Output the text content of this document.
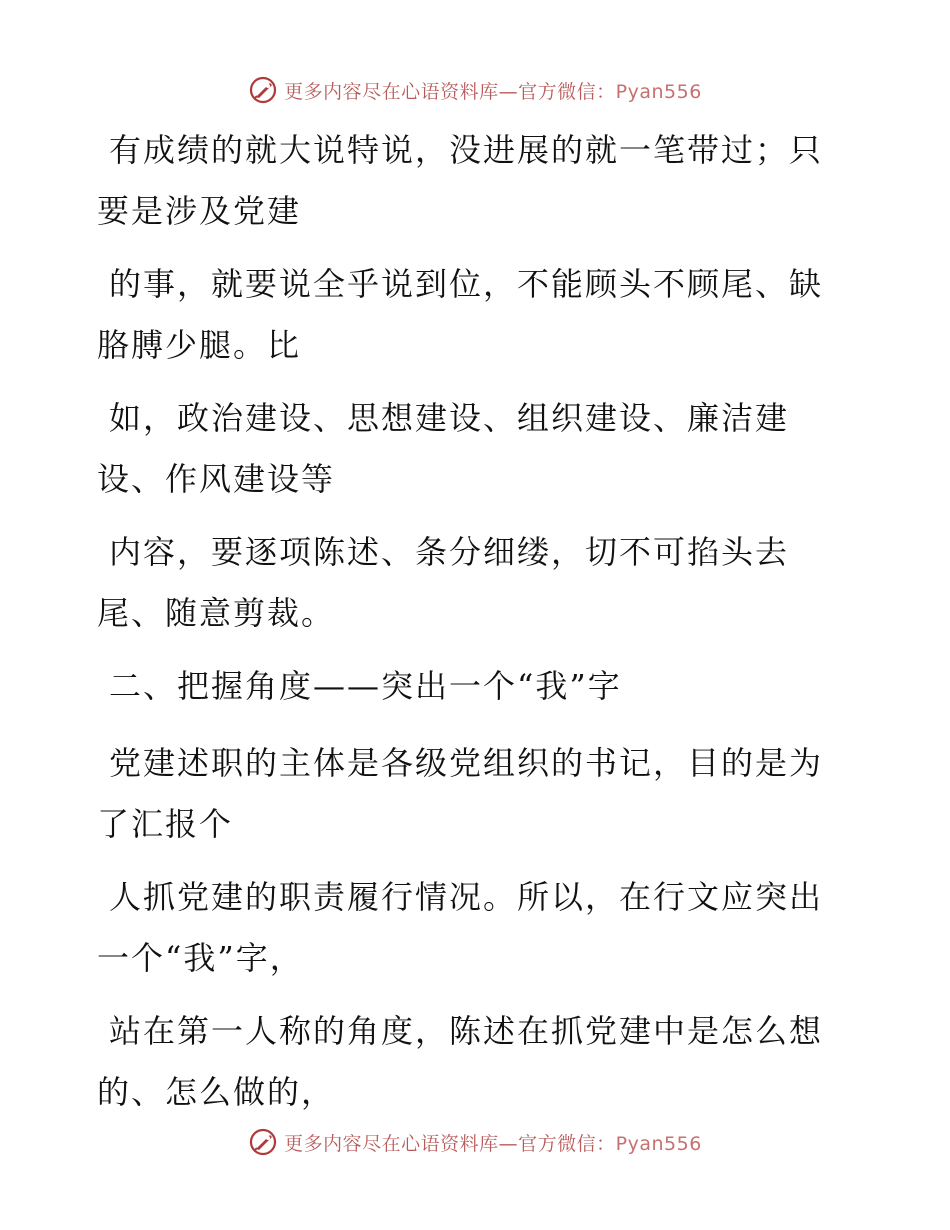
更多内容尽在心语资料库—官方微信：Pyan556

有成绩的就大说特说，没进展的就一笔带过；只
要是涉及党建

的事，就要说全乎说到位，不能顾头不顾尾、缺
胳膊少腿。比

如，政治建设、思想建设、组织建设、廉洁建
设、作风建设等

内容，要逐项陈述、条分细缕，切不可掐头去
尾、随意剪裁。

二、把握角度——突出一个“我”字

党建述职的主体是各级党组织的书记，目的是为
了汇报个

人抓党建的职责履行情况。所以，在行文应突出
一个“我”字，

站在第一人称的角度，陈述在抓党建中是怎么想
的、怎么做的，

更多内容尽在心语资料库—官方微信：Pyan556
